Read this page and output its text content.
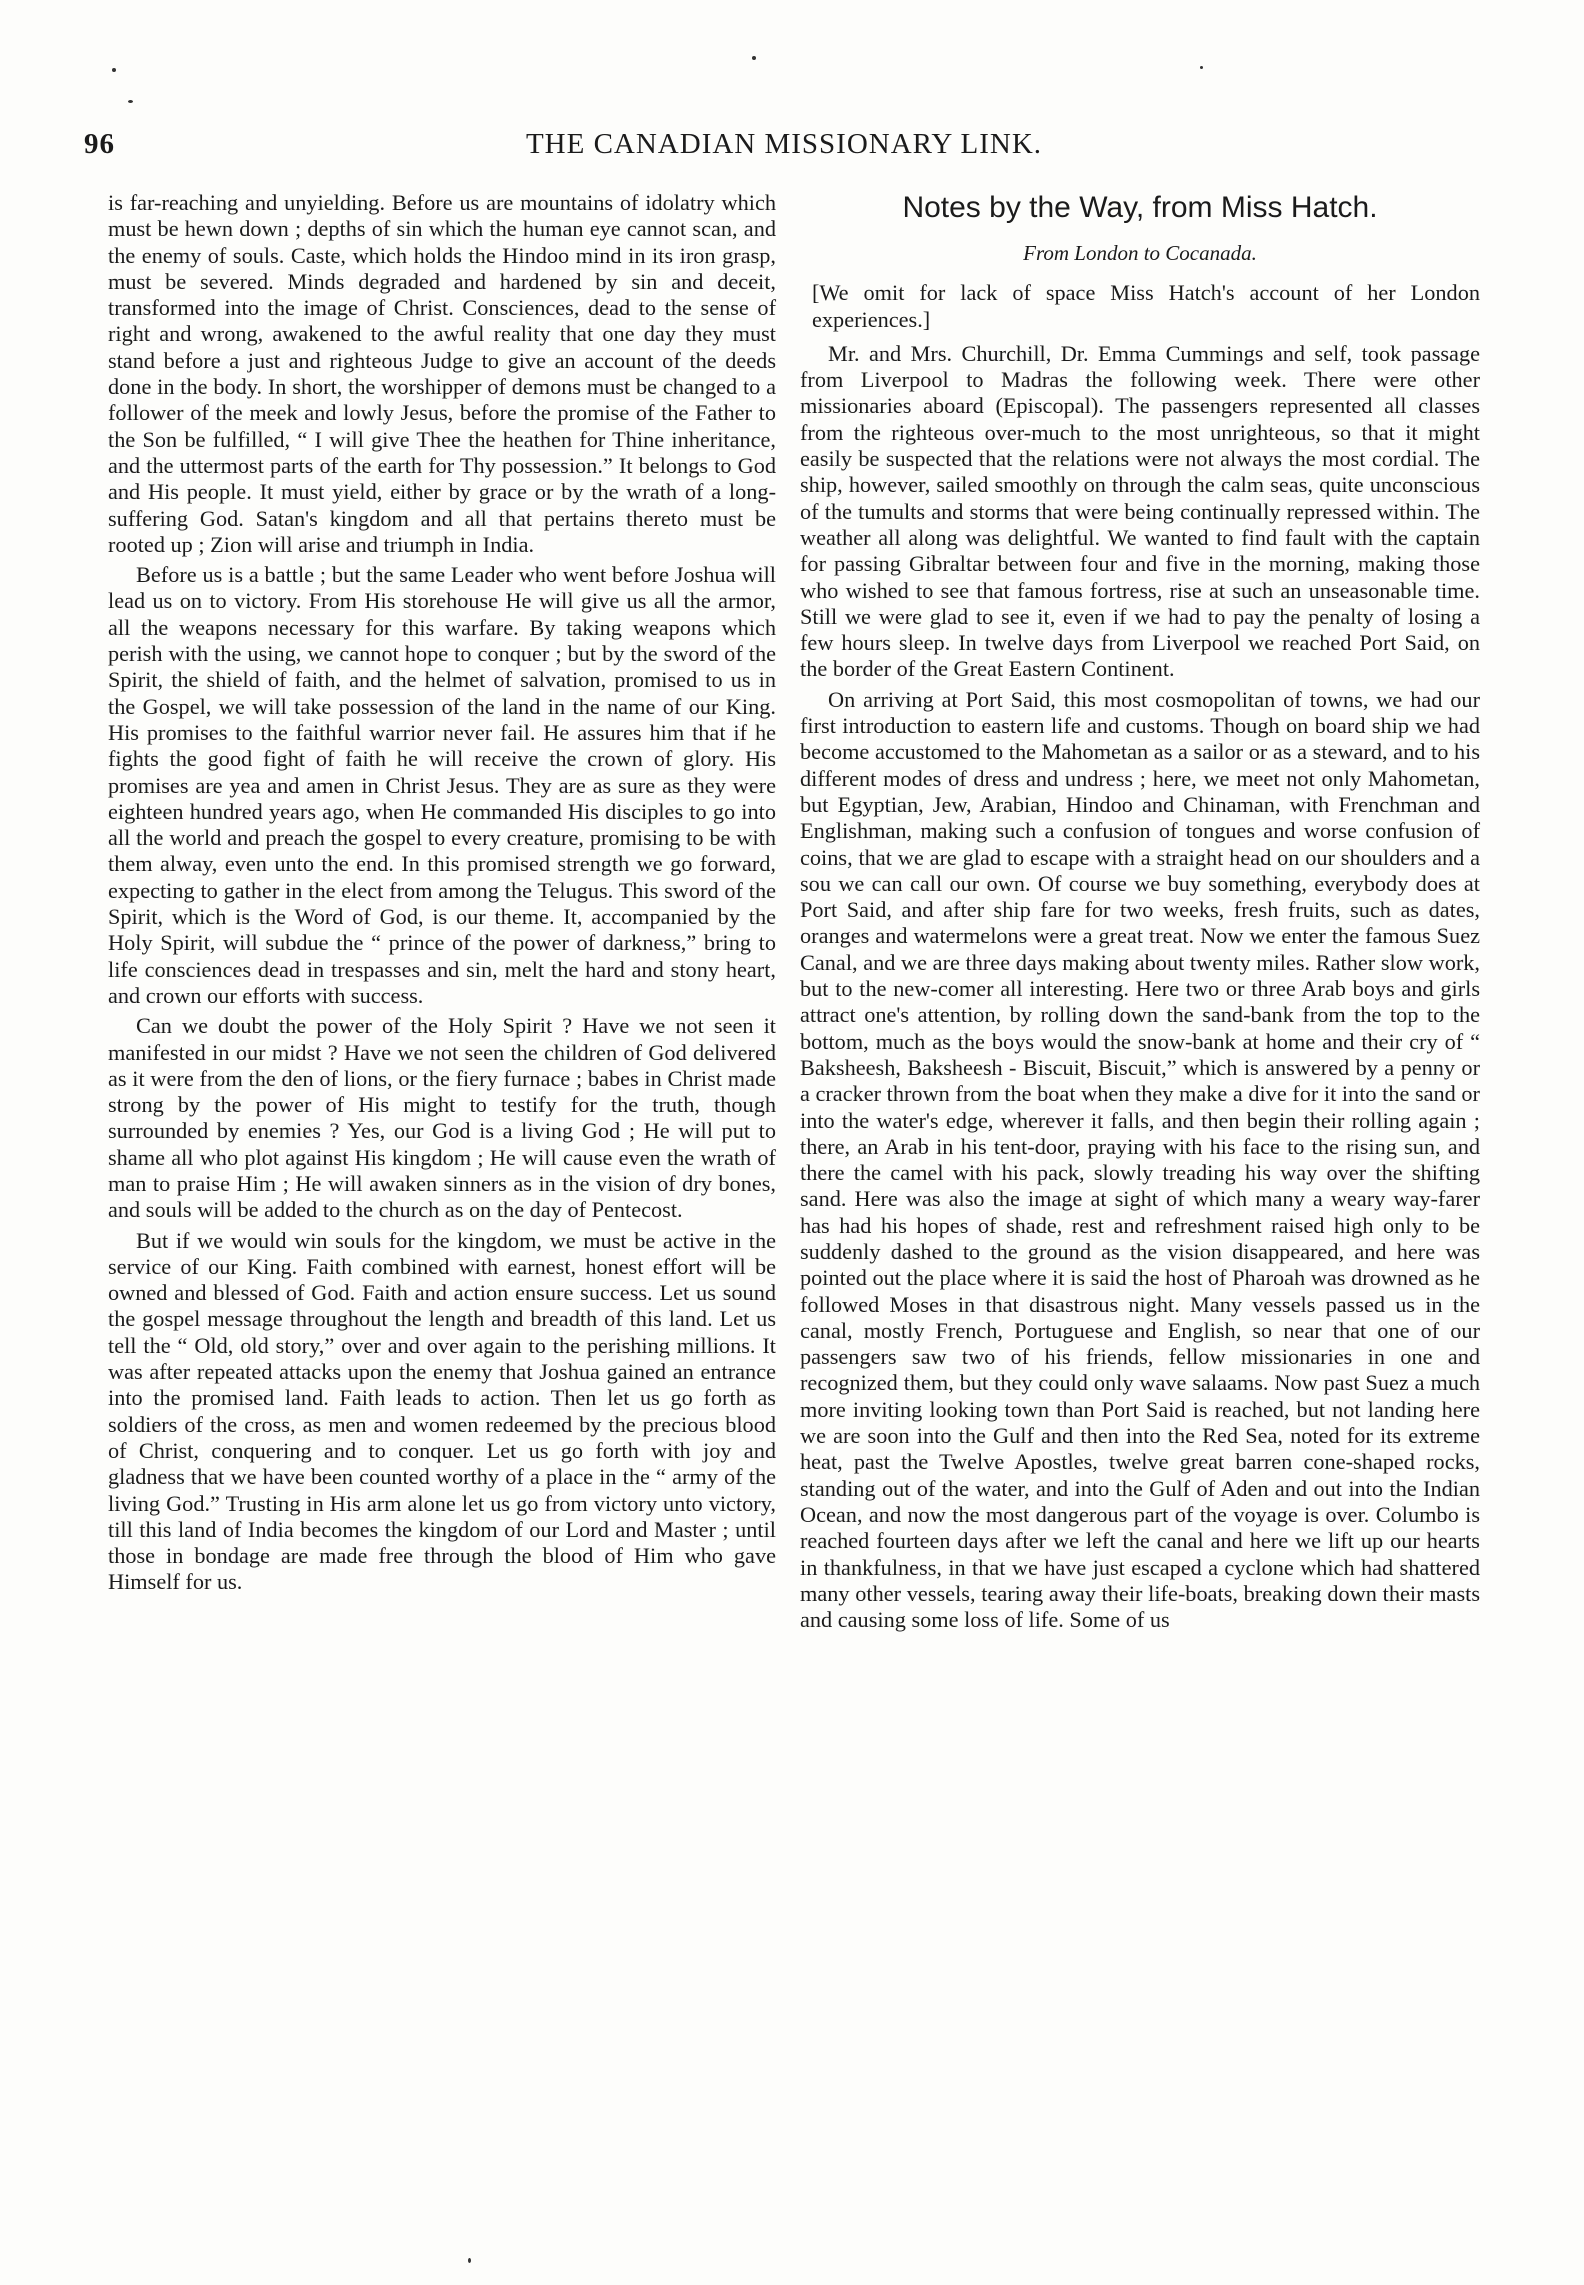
96	THE CANADIAN MISSIONARY LINK.

is far-reaching and unyielding. Before us are mountains of idolatry which must be hewn down ; depths of sin which the human eye cannot scan, and the enemy of souls. Caste, which holds the Hindoo mind in its iron grasp, must be severed. Minds degraded and hardened by sin and deceit, transformed into the image of Christ. Consciences, dead to the sense of right and wrong, awakened to the awful reality that one day they must stand before a just and righteous Judge to give an account of the deeds done in the body. In short, the worshipper of demons must be changed to a follower of the meek and lowly Jesus, before the promise of the Father to the Son be fulfilled, “ I will give Thee the heathen for Thine inheritance, and the uttermost parts of the earth for Thy possession.” It belongs to God and His people. It must yield, either by grace or by the wrath of a long-suffering God. Satan's kingdom and all that pertains thereto must be rooted up ; Zion will arise and triumph in India.

Before us is a battle ; but the same Leader who went before Joshua will lead us on to victory. From His storehouse He will give us all the armor, all the weapons necessary for this warfare. By taking weapons which perish with the using, we cannot hope to conquer ; but by the sword of the Spirit, the shield of faith, and the helmet of salvation, promised to us in the Gospel, we will take possession of the land in the name of our King. His promises to the faithful warrior never fail. He assures him that if he fights the good fight of faith he will receive the crown of glory. His promises are yea and amen in Christ Jesus. They are as sure as they were eighteen hundred years ago, when He commanded His disciples to go into all the world and preach the gospel to every creature, promising to be with them alway, even unto the end. In this promised strength we go forward, expecting to gather in the elect from among the Telugus. This sword of the Spirit, which is the Word of God, is our theme. It, accompanied by the Holy Spirit, will subdue the “ prince of the power of darkness,” bring to life consciences dead in trespasses and sin, melt the hard and stony heart, and crown our efforts with success.

Can we doubt the power of the Holy Spirit ? Have we not seen it manifested in our midst ? Have we not seen the children of God delivered as it were from the den of lions, or the fiery furnace ; babes in Christ made strong by the power of His might to testify for the truth, though surrounded by enemies ? Yes, our God is a living God ; He will put to shame all who plot against His kingdom ; He will cause even the wrath of man to praise Him ; He will awaken sinners as in the vision of dry bones, and souls will be added to the church as on the day of Pentecost.

But if we would win souls for the kingdom, we must be active in the service of our King. Faith combined with earnest, honest effort will be owned and blessed of God. Faith and action ensure success. Let us sound the gospel message throughout the length and breadth of this land. Let us tell the “ Old, old story,” over and over again to the perishing millions. It was after repeated attacks upon the enemy that Joshua gained an entrance into the promised land. Faith leads to action. Then let us go forth as soldiers of the cross, as men and women redeemed by the precious blood of Christ, conquering and to conquer. Let us go forth with joy and gladness that we have been counted worthy of a place in the “ army of the living God.” Trusting in His arm alone let us go from victory unto victory, till this land of India becomes the kingdom of our Lord and Master ; until those in bondage are made free through the blood of Him who gave Himself for us.

Notes by the Way, from Miss Hatch.
From London to Cocanada.

[We omit for lack of space Miss Hatch's account of her London experiences.]

Mr. and Mrs. Churchill, Dr. Emma Cummings and self, took passage from Liverpool to Madras the following week. There were other missionaries aboard (Episcopal). The passengers represented all classes from the righteous over-much to the most unrighteous, so that it might easily be suspected that the relations were not always the most cordial. The ship, however, sailed smoothly on through the calm seas, quite unconscious of the tumults and storms that were being continually repressed within. The weather all along was delightful. We wanted to find fault with the captain for passing Gibraltar between four and five in the morning, making those who wished to see that famous fortress, rise at such an unseasonable time. Still we were glad to see it, even if we had to pay the penalty of losing a few hours sleep. In twelve days from Liverpool we reached Port Said, on the border of the Great Eastern Continent.

On arriving at Port Said, this most cosmopolitan of towns, we had our first introduction to eastern life and customs. Though on board ship we had become accustomed to the Mahometan as a sailor or as a steward, and to his different modes of dress and undress ; here, we meet not only Mahometan, but Egyptian, Jew, Arabian, Hindoo and Chinaman, with Frenchman and Englishman, making such a confusion of tongues and worse confusion of coins, that we are glad to escape with a straight head on our shoulders and a sou we can call our own. Of course we buy something, everybody does at Port Said, and after ship fare for two weeks, fresh fruits, such as dates, oranges and watermelons were a great treat. Now we enter the famous Suez Canal, and we are three days making about twenty miles. Rather slow work, but to the new-comer all interesting. Here two or three Arab boys and girls attract one's attention, by rolling down the sand-bank from the top to the bottom, much as the boys would the snow-bank at home and their cry of “ Baksheesh, Baksheesh - Biscuit, Biscuit,” which is answered by a penny or a cracker thrown from the boat when they make a dive for it into the sand or into the water's edge, wherever it falls, and then begin their rolling again ; there, an Arab in his tent-door, praying with his face to the rising sun, and there the camel with his pack, slowly treading his way over the shifting sand. Here was also the image at sight of which many a weary way-farer has had his hopes of shade, rest and refreshment raised high only to be suddenly dashed to the ground as the vision disappeared, and here was pointed out the place where it is said the host of Pharoah was drowned as he followed Moses in that disastrous night. Many vessels passed us in the canal, mostly French, Portuguese and English, so near that one of our passengers saw two of his friends, fellow missionaries in one and recognized them, but they could only wave salaams. Now past Suez a much more inviting looking town than Port Said is reached, but not landing here we are soon into the Gulf and then into the Red Sea, noted for its extreme heat, past the Twelve Apostles, twelve great barren cone-shaped rocks, standing out of the water, and into the Gulf of Aden and out into the Indian Ocean, and now the most dangerous part of the voyage is over. Columbo is reached fourteen days after we left the canal and here we lift up our hearts in thankfulness, in that we have just escaped a cyclone which had shattered many other vessels, tearing away their life-boats, breaking down their masts and causing some loss of life. Some of us
